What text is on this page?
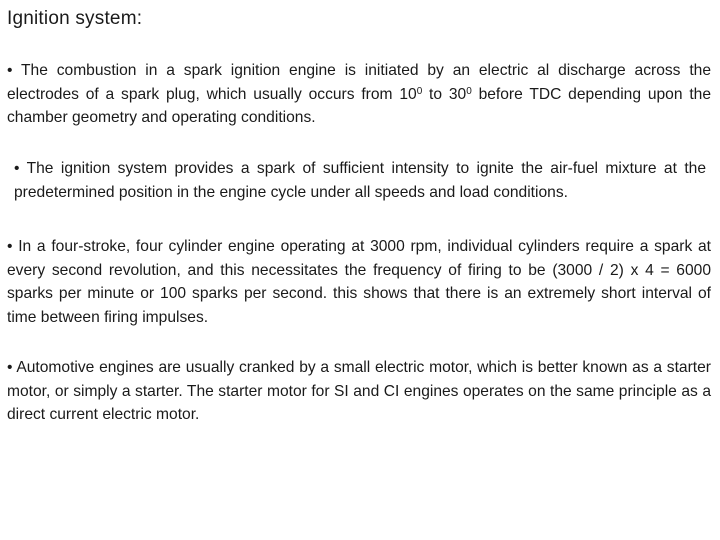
Ignition system:
• The combustion in a spark ignition engine is initiated by an electric al discharge across the electrodes of a spark plug, which usually occurs from $10^0$ to $30^0$ before TDC depending upon the chamber geometry and operating conditions.
• The ignition system provides a spark of sufficient intensity to ignite the air-fuel mixture at the predetermined position in the engine cycle under all speeds and load conditions.
• In a four-stroke, four cylinder engine operating at 3000 rpm, individual cylinders require a spark at every second revolution, and this necessitates the frequency of firing to be (3000 / 2) x 4 = 6000 sparks per minute or 100 sparks per second. this shows that there is an extremely short interval of time between firing impulses.
• Automotive engines are usually cranked by a small electric motor, which is better known as a starter motor, or simply a starter. The starter motor for SI and CI engines operates on the same principle as a direct current electric motor.
